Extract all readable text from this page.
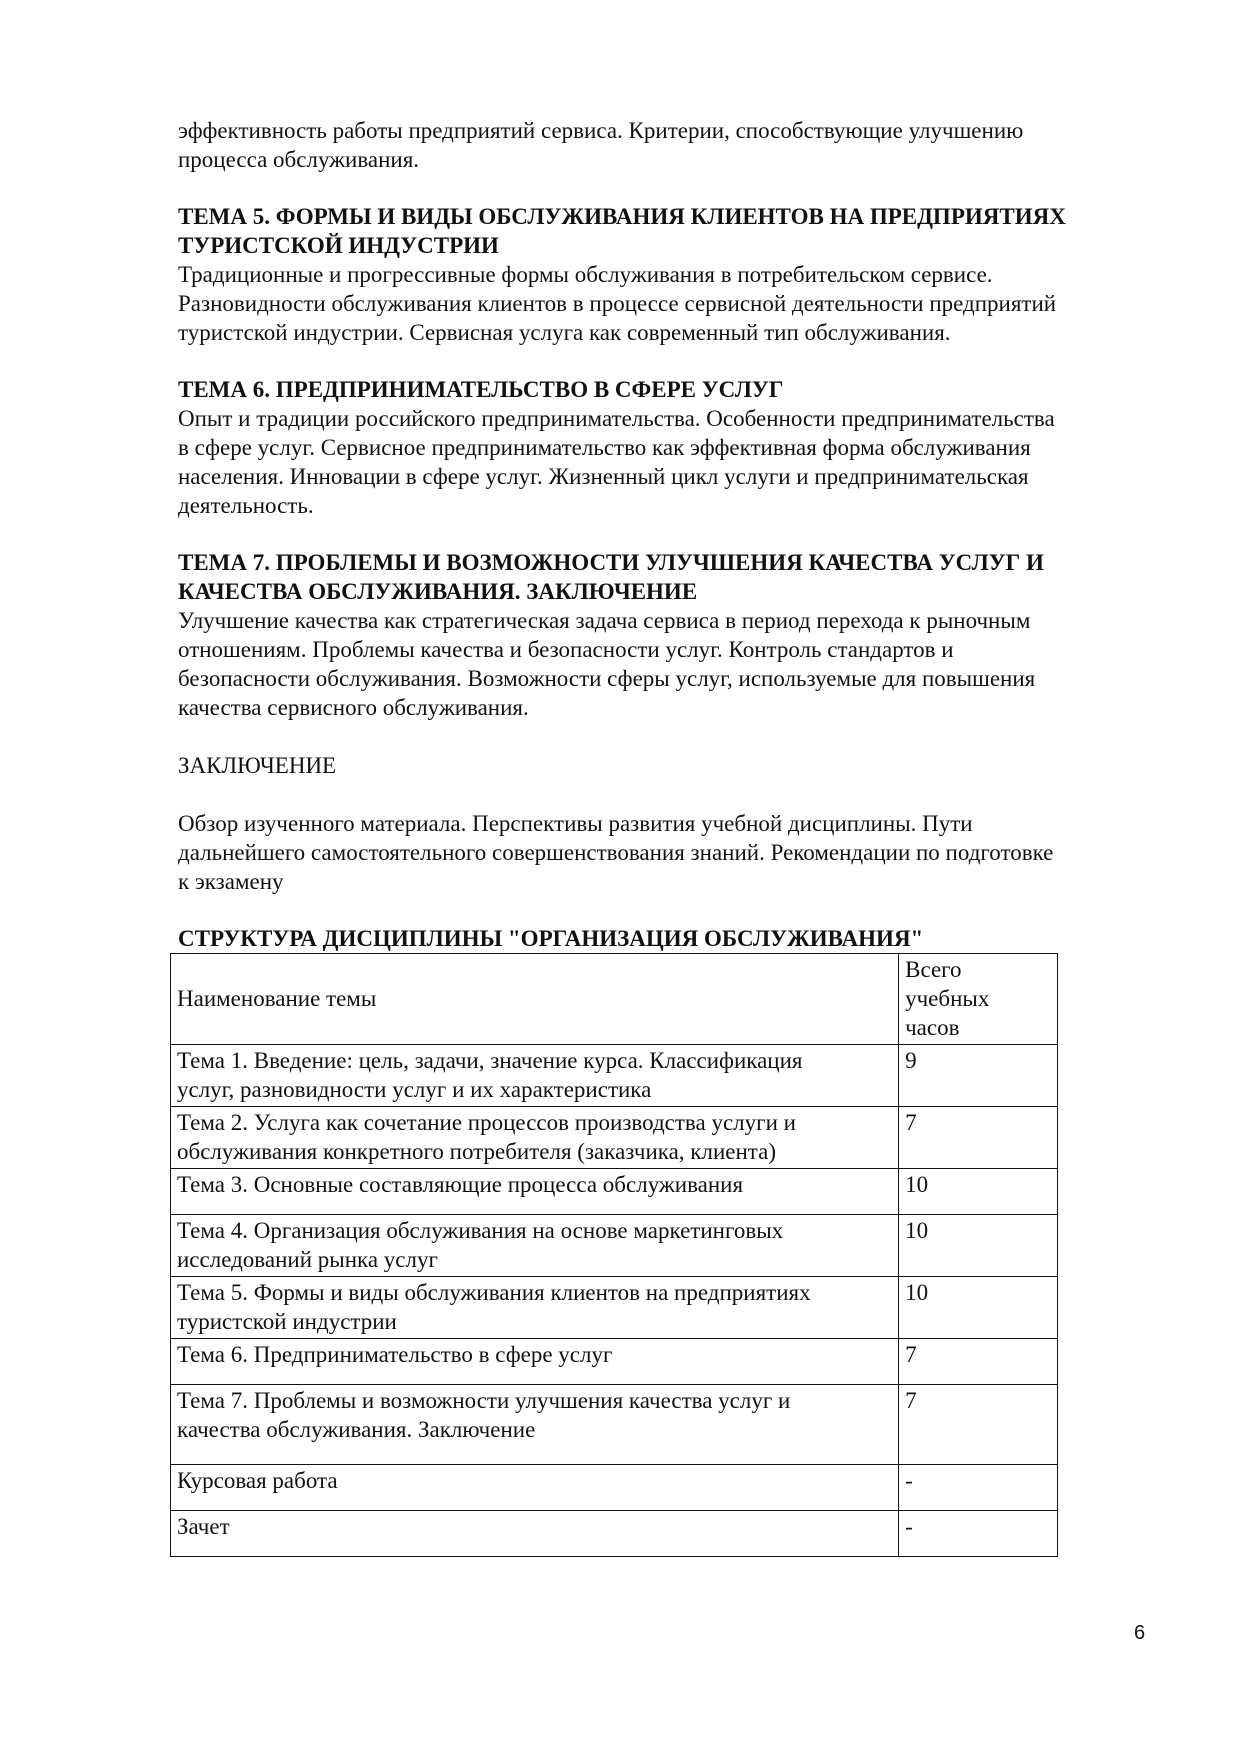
эффективность работы предприятий сервиса. Критерии, способствующие улучшению
процесса обслуживания.

ТЕМА 5. ФОРМЫ И ВИДЫ ОБСЛУЖИВАНИЯ КЛИЕНТОВ НА ПРЕДПРИЯТИЯХ
ТУРИСТСКОЙ ИНДУСТРИИ

Традиционные и прогрессивные формы обслуживания в потребительском сервисе.
Разновидности обслуживания клиентов в процессе сервисной деятельности предприятий
туристской индустрии. Сервисная услуга как современный тип обслуживания.

ТЕМА 6. ПРЕДПРИНИМАТЕЛЬСТВО В СФЕРЕ УСЛУГ

Опыт и традиции российского предпринимательства. Особенности предпринимательства
в сфере услуг. Сервисное предпринимательство как эффективная форма обслуживания
населения. Инновации в сфере услуг. Жизненный цикл услуги и предпринимательская
деятельность.

ТЕМА 7. ПРОБЛЕМЫ И ВОЗМОЖНОСТИ УЛУЧШЕНИЯ КАЧЕСТВА УСЛУГ И
КАЧЕСТВА ОБСЛУЖИВАНИЯ. ЗАКЛЮЧЕНИЕ

Улучшение качества как стратегическая задача сервиса в период перехода к рыночным
отношениям. Проблемы качества и безопасности услуг. Контроль стандартов и
безопасности обслуживания. Возможности сферы услуг, используемые для повышения
качества сервисного обслуживания.

ЗАКЛЮЧЕНИЕ

Обзор изученного материала. Перспективы развития учебной дисциплины. Пути
дальнейшего самостоятельного совершенствования знаний. Рекомендации по подготовке
к экзамену

СТРУКТУРА ДИСЦИПЛИНЫ "ОРГАНИЗАЦИЯ ОБСЛУЖИВАНИЯ"

Наименование темы	Всего
учебных
часов
Тема 1. Введение: цель, задачи, значение курса. Классификация
услуг, разновидности услуг и их характеристика	9
Тема 2. Услуга как сочетание процессов производства услуги и
обслуживания конкретного потребителя (заказчика, клиента)	7
Тема 3. Основные составляющие процесса обслуживания	10
Тема 4. Организация обслуживания на основе маркетинговых
исследований рынка услуг	10
Тема 5. Формы и виды обслуживания клиентов на предприятиях
туристской индустрии	10
Тема 6. Предпринимательство в сфере услуг	7
Тема 7. Проблемы и возможности улучшения качества услуг и
качества обслуживания. Заключение	7
Курсовая работа	-
Зачет	-
6
